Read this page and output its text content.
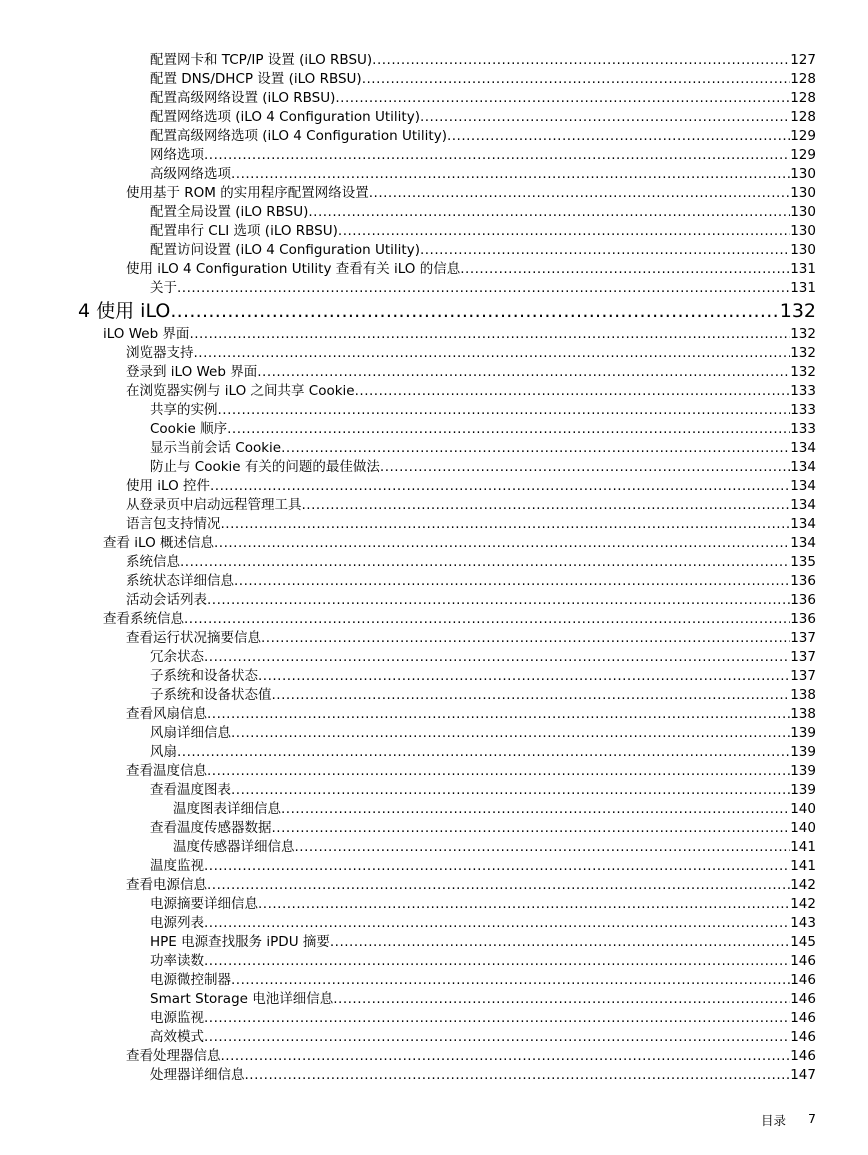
配置网卡和 TCP/IP 设置 (iLO RBSU) .....	127
配置 DNS/DHCP 设置 (iLO RBSU) .....	128
配置高级网络设置 (iLO RBSU) .....	128
配置网络选项 (iLO 4 Configuration Utility) .....	128
配置高级网络选项 (iLO 4 Configuration Utility) .....	129
网络选项 .....	129
高级网络选项 .....	130
使用基于 ROM 的实用程序配置网络设置 .....	130
配置全局设置 (iLO RBSU) .....	130
配置串行 CLI 选项 (iLO RBSU) .....	130
配置访问设置 (iLO 4 Configuration Utility) .....	130
使用 iLO 4 Configuration Utility 查看有关 iLO 的信息 .....	131
关于 .....	131
4 使用 iLO .....	132
iLO Web 界面 .....	132
浏览器支持 .....	132
登录到 iLO Web 界面 .....	132
在浏览器实例与 iLO 之间共享 Cookie .....	133
共享的实例 .....	133
Cookie 顺序 .....	133
显示当前会话 Cookie .....	134
防止与 Cookie 有关的问题的最佳做法 .....	134
使用 iLO 控件 .....	134
从登录页中启动远程管理工具 .....	134
语言包支持情况 .....	134
查看 iLO 概述信息 .....	134
系统信息 .....	135
系统状态详细信息 .....	136
活动会话列表 .....	136
查看系统信息 .....	136
查看运行状况摘要信息 .....	137
冗余状态 .....	137
子系统和设备状态 .....	137
子系统和设备状态值 .....	138
查看风扇信息 .....	138
风扇详细信息 .....	139
风扇 .....	139
查看温度信息 .....	139
查看温度图表 .....	139
温度图表详细信息 .....	140
查看温度传感器数据 .....	140
温度传感器详细信息 .....	141
温度监视 .....	141
查看电源信息 .....	142
电源摘要详细信息 .....	142
电源列表 .....	143
HPE 电源查找服务 iPDU 摘要 .....	145
功率读数 .....	146
电源微控制器 .....	146
Smart Storage 电池详细信息 .....	146
电源监视 .....	146
高效模式 .....	146
查看处理器信息 .....	146
处理器详细信息 .....	147
目录 7
